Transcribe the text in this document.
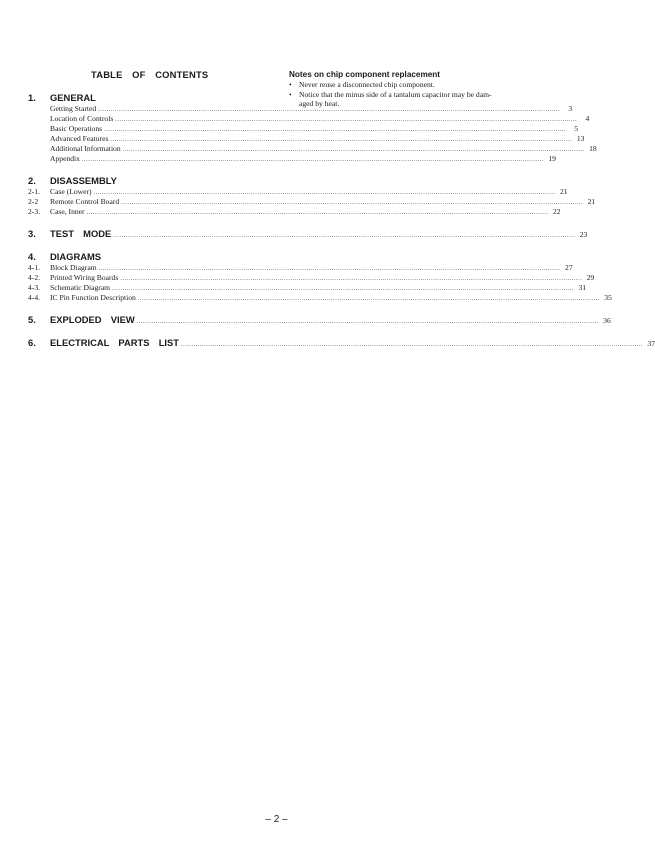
TABLE  OF  CONTENTS
1.	GENERAL
Getting Started ............................................................................................................................................................................................................................	3
Location of Controls ............................................................................................................................................................................................................................	4
Basic Operations ............................................................................................................................................................................................................................	5
Advanced Features ............................................................................................................................................................................................................................ 13
Additional Information ............................................................................................................................................................................................................................ 18
Appendix ............................................................................................................................................................................................................................ 19
2.	DISASSEMBLY
2-1.	Case (Lower) ............................................................................................................................................................................................................................ 21
2-2	Remote Control Board ............................................................................................................................................................................................................................ 21
2-3.	Case, Inner ............................................................................................................................................................................................................................ 22
3.	TEST  MODE ............................................................................................................................................................................................................................ 23
4.	DIAGRAMS
4-1.	Block Diagram ............................................................................................................................................................................................................................ 27
4-2.	Printed Wiring Boards ............................................................................................................................................................................................................................ 29
4-3.	Schematic Diagram ............................................................................................................................................................................................................................ 31
4-4.	IC Pin Function Description ............................................................................................................................................................................................................................ 35
5.	EXPLODED  VIEW ............................................................................................................................................................................................................................ 36
6.	ELECTRICAL  PARTS  LIST ............................................................................................................................................................................................................................ 37
Notes on chip component replacement
• Never reuse a disconnected chip component.
• Notice that the minus side of a tantalum capacitor may be dam-
aged by heat.
– 2 –
